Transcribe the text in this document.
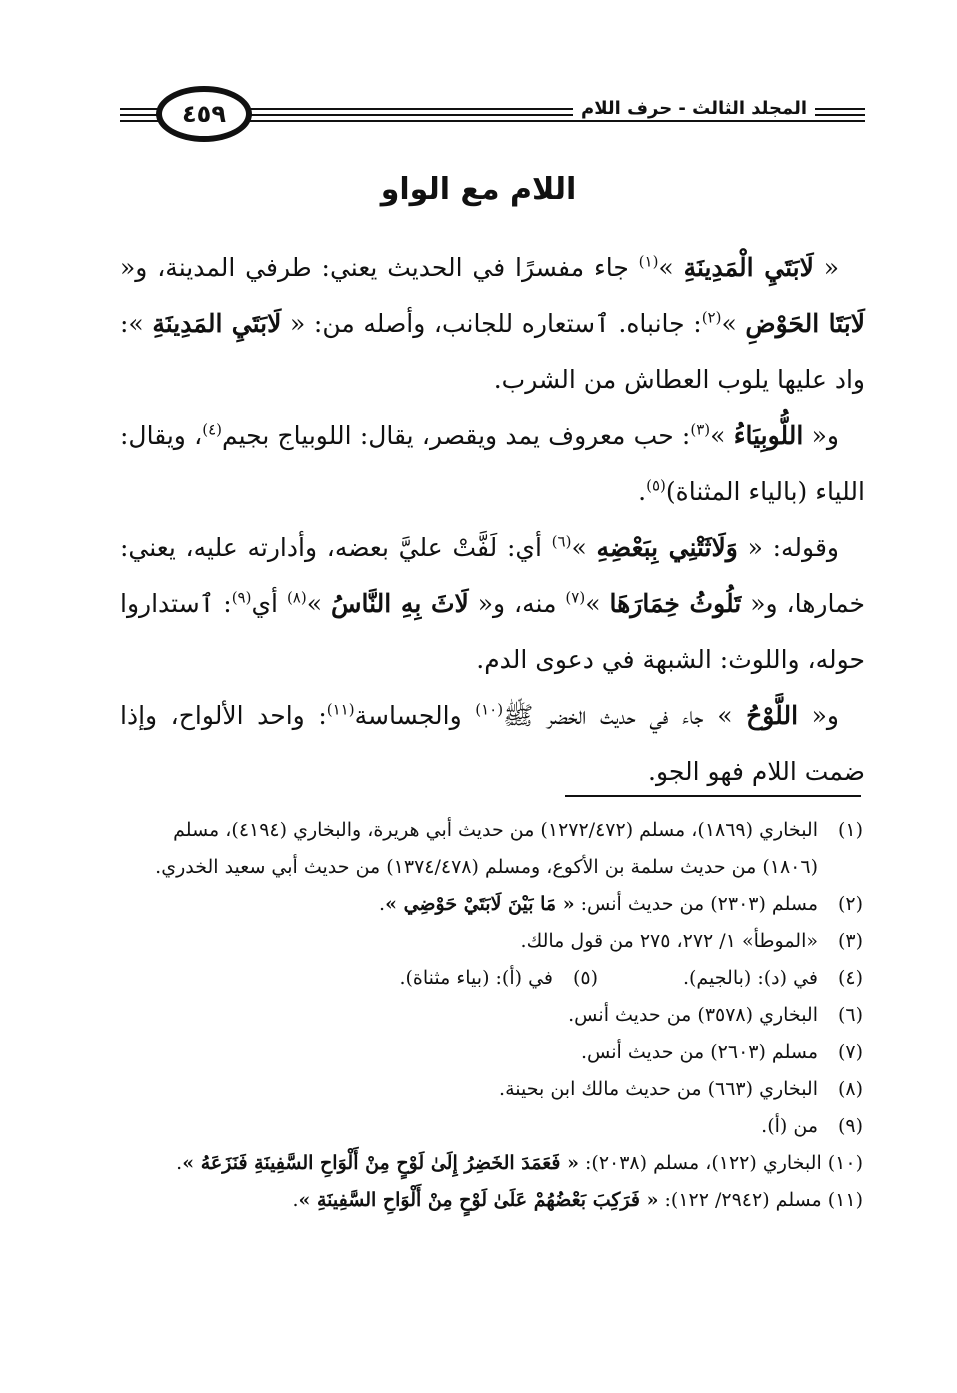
٤٥٩	المجلد الثالث - حرف اللام
اللام مع الواو

« لَابَتَيِ الْمَدِينَةِ »$^{(١)}$ جاء مفسرًا في الحديث يعني: طرفي المدينة، و« لَابَتَا الحَوْضِ »$^{(٢)}$: جانباه. ٱستعاره للجانب، وأصله من: « لَابَتَيِ المَدِينَةِ »: واد عليها يلوب العطاش من الشرب.

و« اللُّوبِيَاءُ »$^{(٣)}$: حب معروف يمد ويقصر، يقال: اللوبياج بجيم$^{(٤)}$، ويقال: اللياء (بالياء المثناة)$^{(٥)}$.

وقوله: « وَلَاثَتْنِي بِبَعْضِهِ »$^{(٦)}$ أي: لَفَّتْ عليَّ بعضه، وأدارته عليه، يعني: خمارها، و« تَلُوثُ خِمَارَهَا »$^{(٧)}$ منه، و« لَاثَ بِهِ النَّاسُ »$^{(٨)}$ أي$^{(٩)}$: ٱستداروا حوله، واللوث: الشبهة في دعوى الدم.

و« اللَّوْحُ » جاء في حديث الخضر ﷺ$^{(١٠)}$ والجساسة$^{(١١)}$: واحد الألواح، وإذا ضمت اللام فهو الجو.

(١)
البخاري (١٨٦٩)، مسلم (١٢٧٢/٤٧٢) من حديث أبي هريرة، والبخاري (٤١٩٤)، مسلم (١٨٠٦) من حديث سلمة بن الأكوع، ومسلم (١٣٧٤/٤٧٨) من حديث أبي سعيد الخدري.
(٢)
مسلم (٢٣٠٣) من حديث أنس: « مَا بَيْنَ لَابَتَيْ حَوْضِي ».
(٣)
«الموطأ» ١/ ٢٧٢، ٢٧٥ من قول مالك.
(٤)
في (د): (بالجيم).
(٥)
في (أ): (بياء مثناة).
(٦)
البخاري (٣٥٧٨) من حديث أنس.
(٧)
مسلم (٢٦٠٣) من حديث أنس.
(٨)
البخاري (٦٦٣) من حديث مالك ابن بحينة.
(٩)
من (أ).
(١٠)
البخاري (١٢٢)، مسلم (٢٠٣٨): « فَعَمَدَ الخَضِرُ إِلَىٰ لَوْحٍ مِنْ أَلْوَاحِ السَّفِينَةِ فَنَزَعَهُ ».
(١١)
مسلم (٢٩٤٢/ ١٢٢): « فَرَكِبَ بَعْضُهُمْ عَلَىٰ لَوْحٍ مِنْ أَلْوَاحِ السَّفِينَةِ ».
